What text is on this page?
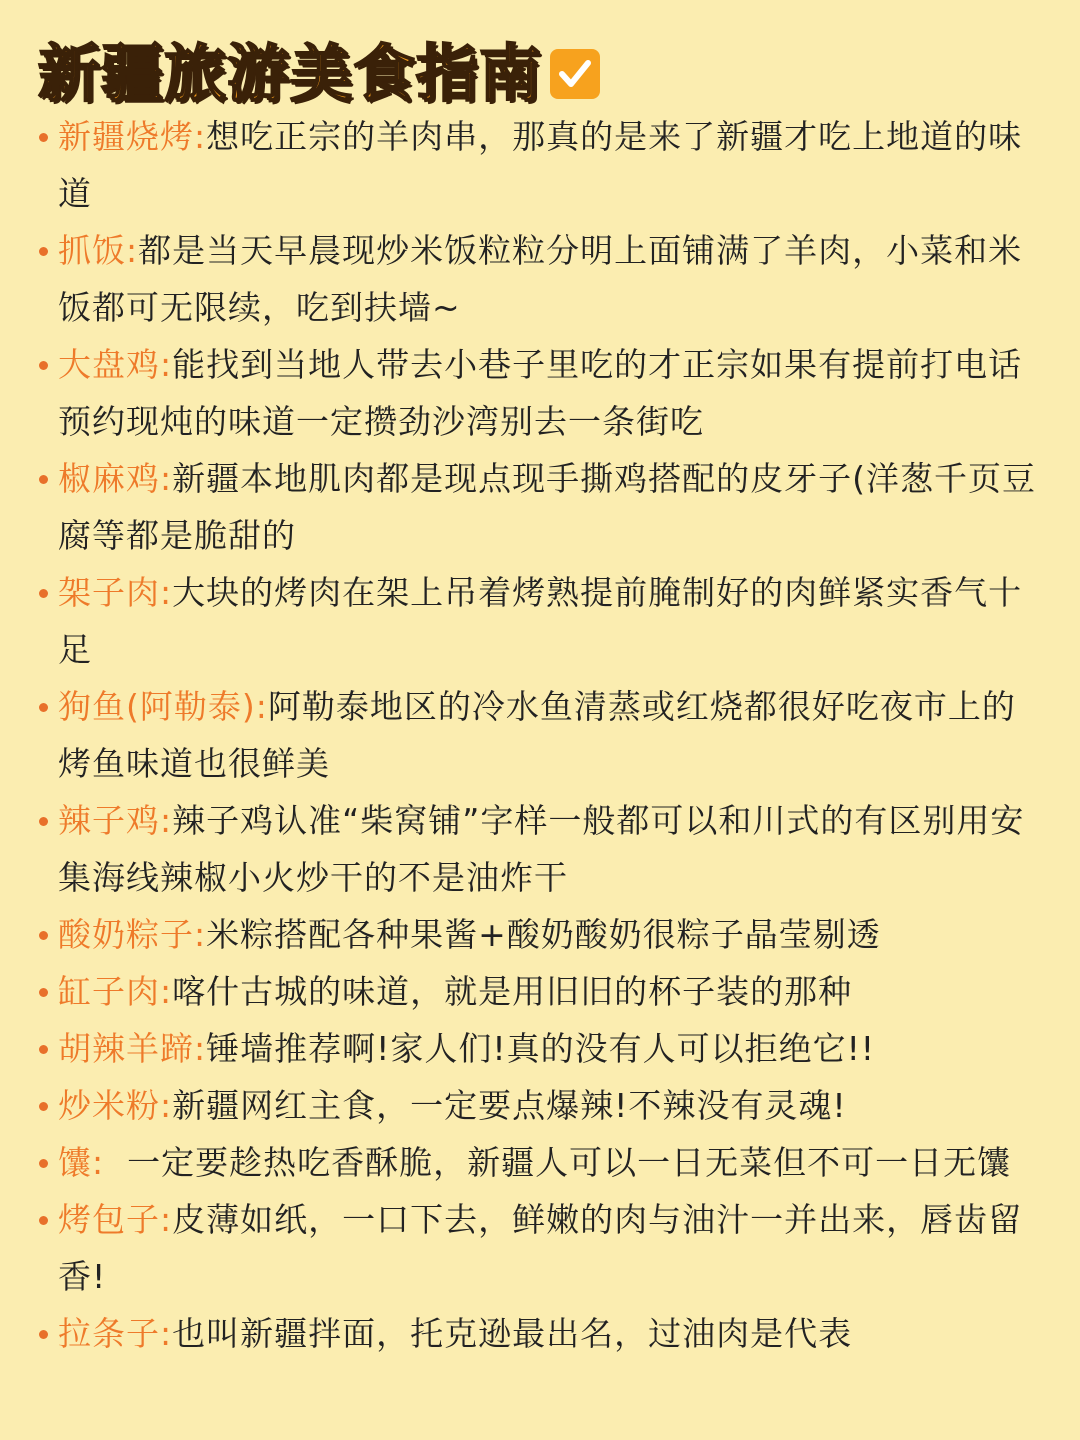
新疆旅游美食指南
新疆烧烤:想吃正宗的羊肉串，那真的是来了新疆才吃上地道的味道
抓饭:都是当天早晨现炒米饭粒粒分明上面铺满了羊肉，小菜和米饭都可无限续，吃到扶墙~
大盘鸡:能找到当地人带去小巷子里吃的才正宗如果有提前打电话预约现炖的味道一定攒劲沙湾别去一条街吃
椒麻鸡:新疆本地肌肉都是现点现手撕鸡搭配的皮牙子(洋葱千页豆腐等都是脆甜的
架子肉:大块的烤肉在架上吊着烤熟提前腌制好的肉鲜紧实香气十足
狗鱼(阿勒泰):阿勒泰地区的冷水鱼清蒸或红烧都很好吃夜市上的烤鱼味道也很鲜美
辣子鸡:辣子鸡认准“柴窝铺”字样一般都可以和川式的有区别用安集海线辣椒小火炒干的不是油炸干
酸奶粽子:米粽搭配各种果酱+酸奶酸奶很粽子晶莹剔透
缸子肉:喀什古城的味道，就是用旧旧的杯子装的那种
胡辣羊蹄:锤墙推荐啊!家人们!真的没有人可以拒绝它!!
炒米粉:新疆网红主食，一定要点爆辣!不辣没有灵魂!
馕:  一定要趁热吃香酥脆，新疆人可以一日无菜但不可一日无馕
烤包子:皮薄如纸，一口下去，鲜嫩的肉与油汁一并出来，唇齿留香!
拉条子:也叫新疆拌面，托克逊最出名，过油肉是代表
